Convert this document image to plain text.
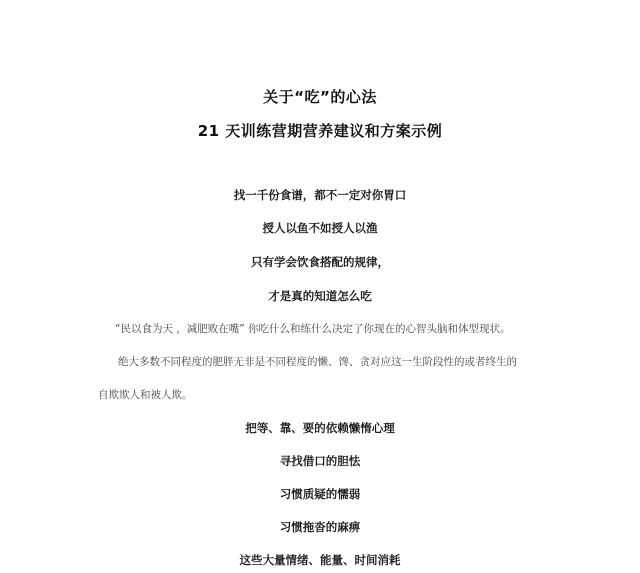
关于“吃”的心法
21 天训练营期营养建议和方案示例
找一千份食谱，都不一定对你胃口
授人以鱼不如授人以渔
只有学会饮食搭配的规律，
才是真的知道怎么吃
“民以食为天 ，减肥败在嘴” 你吃什么和练什么决定了你现在的心智头脑和体型现状。
绝大多数不同程度的肥胖无非是不同程度的懒、馋、贪对应这一生阶段性的或者终生的
自欺欺人和被人欺。
把等、靠、要的依赖懒惰心理
寻找借口的胆怯
习惯质疑的懦弱
习惯拖沓的麻痹
这些大量情绪、能量、时间消耗
